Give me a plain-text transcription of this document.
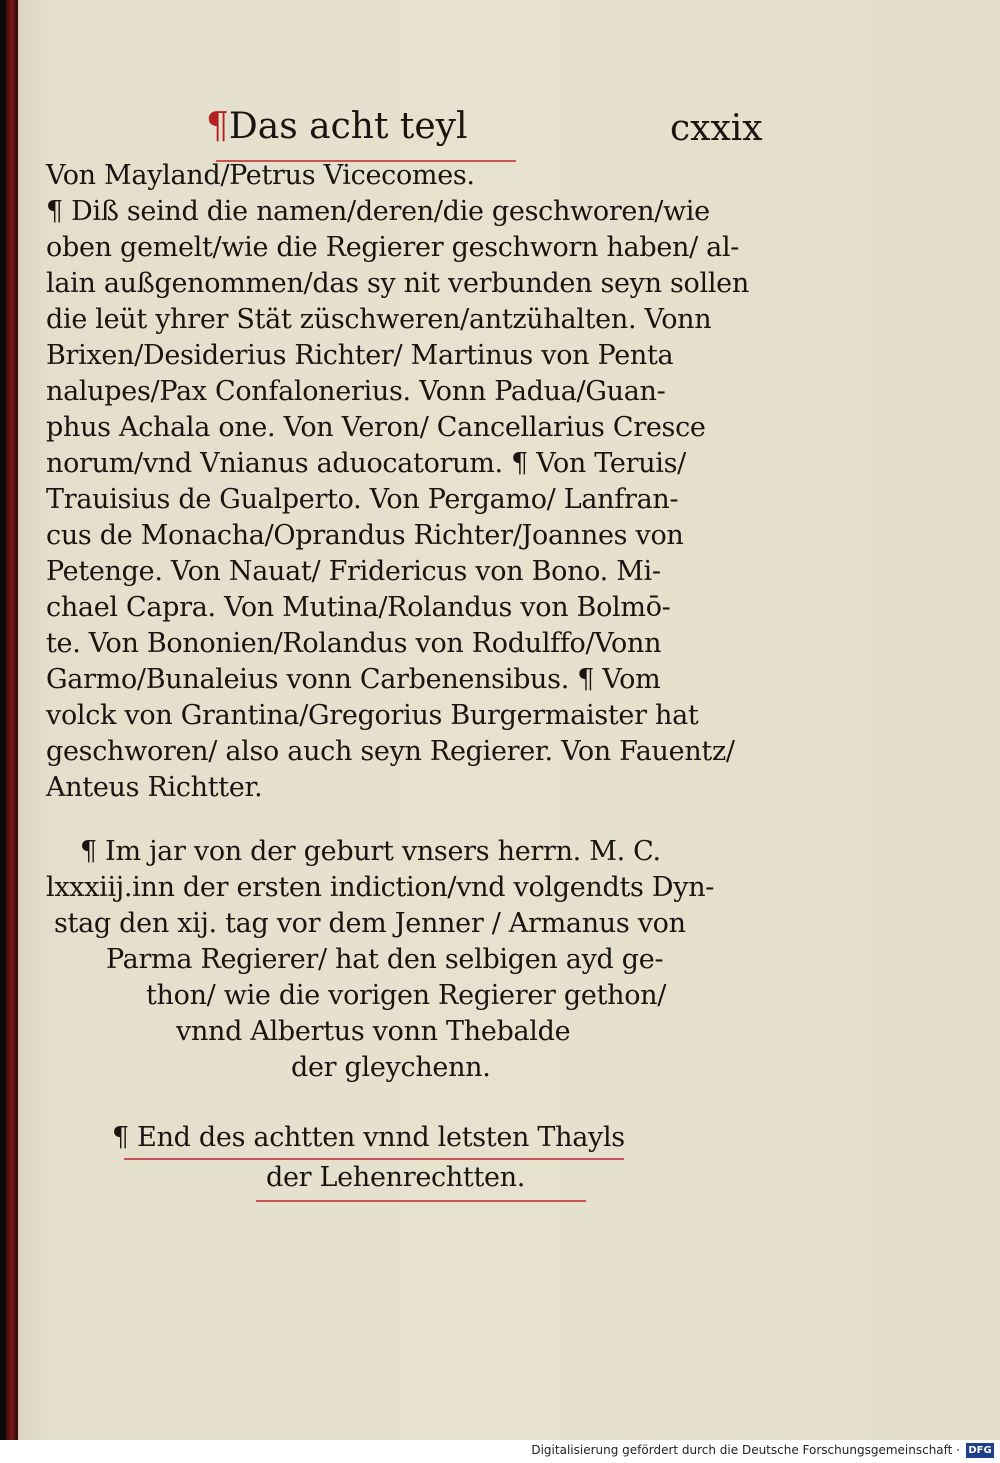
¶Das acht teyl	cxxix
Von Mayland/Petrus Vicecomes.
¶ Diß seind die namen/deren/die geschworen/wie
oben gemelt/wie die Regierer geschworn haben/ al-
lain außgenommen/das sy nit verbunden seyn sollen
die leüt yhrer Stät züschweren/antzühalten. Vonn
Brixen/Desiderius Richter/ Martinus von Penta
nalupes/Pax Confalonerius. Vonn Padua/Guan-
phus Achala one. Von Veron/ Cancellarius Cresce
norum/vnd Vnianus aduocatorum. ¶ Von Teruis/
Trauisius de Gualperto. Von Pergamo/ Lanfran-
cus de Monacha/Oprandus Richter/Joannes von
Petenge. Von Nauat/ Fridericus von Bono. Mi-
chael Capra. Von Mutina/Rolandus von Bolmō-
te. Von Bononien/Rolandus von Rodulffo/Vonn
Garmo/Bunaleius vonn Carbenensibus. ¶ Vom
volck von Grantina/Gregorius Burgermaister hat
geschworen/ also auch seyn Regierer. Von Fauentz/
Anteus Richtter.
¶ Im jar von der geburt vnsers herrn. M. C.
lxxxiij.inn der ersten indiction/vnd volgendts Dyn-
stag den xij. tag vor dem Jenner / Armanus von
Parma Regierer/ hat den selbigen ayd ge-
thon/ wie die vorigen Regierer gethon/
vnnd Albertus vonn Thebalde
der gleychenn.
¶ End des achtten vnnd letsten Thayls
der Lehenrechtten.
Digitalisierung gefördert durch die Deutsche Forschungsgemeinschaft · DFG
